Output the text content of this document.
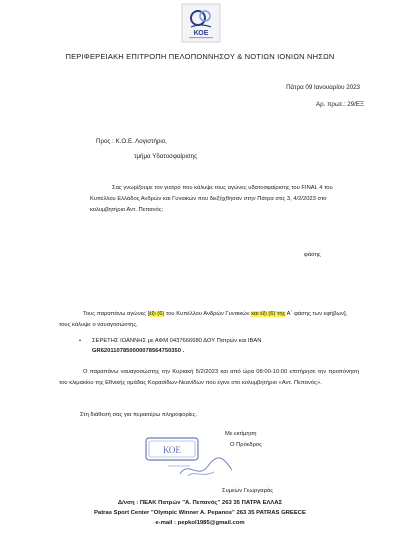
ΚΟΕ
ΠΕΡΙΦΕΡΕΙΑΚΗ ΕΠΙΤΡΟΠΗ ΠΕΛΟΠΟΝΝΗΣΟΥ & ΝΟΤΙΩΝ ΙΟΝΙΩΝ ΝΗΣΩΝ
Πάτρα 09 Ιανουαρίου 2023
Αρ. πρωτ.: 29/ΕΞ
Προς : Κ.Ο.Ε. Λογιστήριο,
τμήμα Υδατοσφαίρισης
Σας γνωρίζουμε τον γιατρό που κάλυψε τους αγώνες υδατοσφαίρισης του FINAL 4 του Κυπέλλου Ελλάδος Ανδρών και Γυναικών που διεξήχθησαν στην Πάτρα στις 3, 4/2/2023 στο κολυμβητήριο Αντ. Πεπανός:
φάσης
Τους παραπάνω αγώνες [έξι (6) του Κυπέλλου Ανδρών Γυναικών και έξι (6) της Α΄ φάσης των εφήβων], τους κάλυψε ο ναυαγοσώστης,
• ΣΕΡΕΤΗΣ ΙΩΑΝΝΗΣ με ΑΦΜ 0437666680 ΔΟΥ Πατρών και IBAN
GR6201107850000078564750350 .
Ο παραπάνω ναυαγοσώστης την Κυριακή 5/2/2023 και από ώρα 08:00-10:00 επιτήρησε την προπόνηση του κλιμακίου της Εθνικής ομάδας Κορασίδων-Νεανίδων που έγινε στο κολυμβητήριο «Αντ. Πεπανός».
Στη διάθεσή σας για περαιτέρω πληροφορίες.
ΚΟΕ
Με εκτίμηση
Ο Πρόεδρος
Συμεών Γεωργαράς
Δ/νση : ΠΕΑΚ Πατρών "Α. Πεπανός" 263 35 ΠΑΤΡΑ ΕΛΛΑΣ
Patras Sport Center "Olympic Winner A. Pepanos" 263 35 PATRAS GREECE
e-mail : pepkol1985@gmail.com
